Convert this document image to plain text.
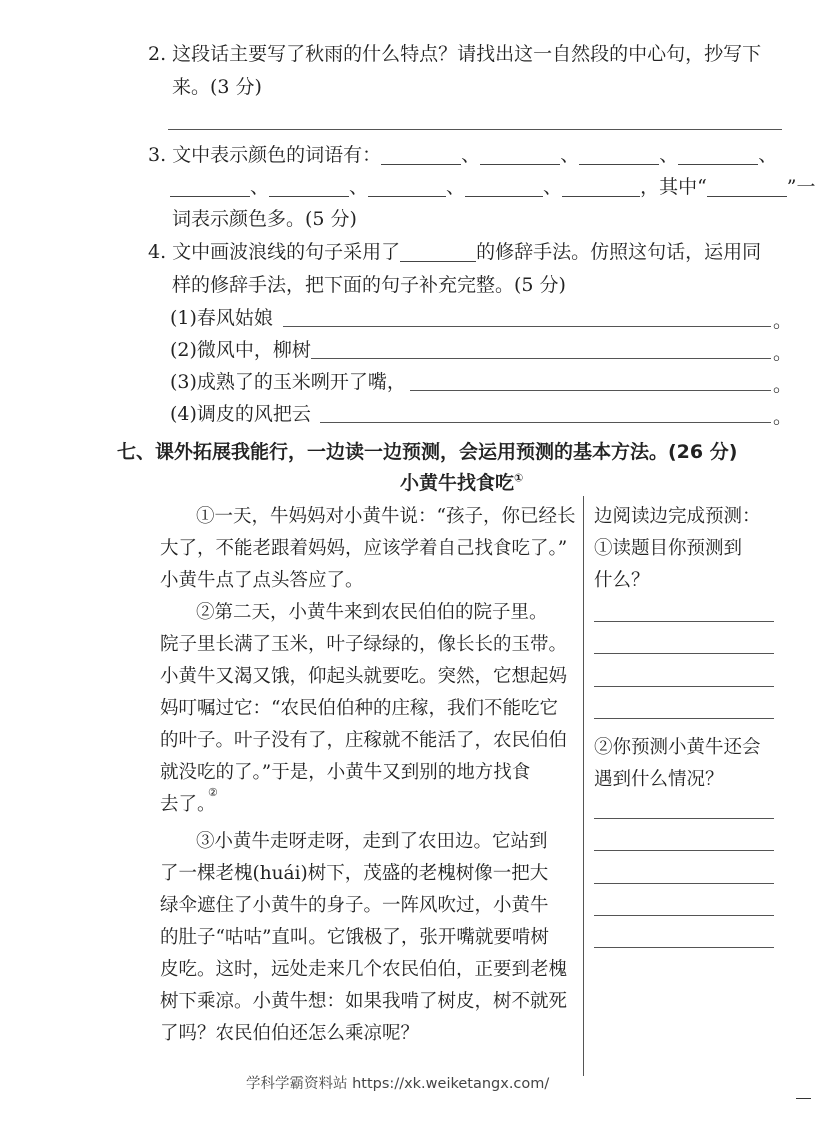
2. 这段话主要写了秋雨的什么特点？请找出这一自然段的中心句，抄写下
来。(3 分)
3. 文中表示颜色的词语有：	、	、	、	、
、	、	、	、	，其中“	”一
词表示颜色多。(5 分)
4. 文中画波浪线的句子采用了	的修辞手法。仿照这句话，运用同
样的修辞手法，把下面的句子补充完整。(5 分)
(1)春风姑娘	。
(2)微风中，柳树	。
(3)成熟了的玉米咧开了嘴，	。
(4)调皮的风把云	。
七、课外拓展我能行，一边读一边预测，会运用预测的基本方法。(26 分)
小黄牛找食吃①
①一天，牛妈妈对小黄牛说：“孩子，你已经长
大了，不能老跟着妈妈，应该学着自己找食吃了。”
小黄牛点了点头答应了。
②第二天，小黄牛来到农民伯伯的院子里。
院子里长满了玉米，叶子绿绿的，像长长的玉带。
小黄牛又渴又饿，仰起头就要吃。突然，它想起妈
妈叮嘱过它：“农民伯伯种的庄稼，我们不能吃它
的叶子。叶子没有了，庄稼就不能活了，农民伯伯
就没吃的了。”于是，小黄牛又到别的地方找食
去了。
②
③小黄牛走呀走呀，走到了农田边。它站到
了一棵老槐(huái)树下，茂盛的老槐树像一把大
绿伞遮住了小黄牛的身子。一阵风吹过，小黄牛
的肚子“咕咕”直叫。它饿极了，张开嘴就要啃树
皮吃。这时，远处走来几个农民伯伯，正要到老槐
树下乘凉。小黄牛想：如果我啃了树皮，树不就死
了吗？农民伯伯还怎么乘凉呢？
边阅读边完成预测：
①读题目你预测到
什么？
②你预测小黄牛还会
遇到什么情况？
学科学霸资料站 https://xk.weiketangx.com/
